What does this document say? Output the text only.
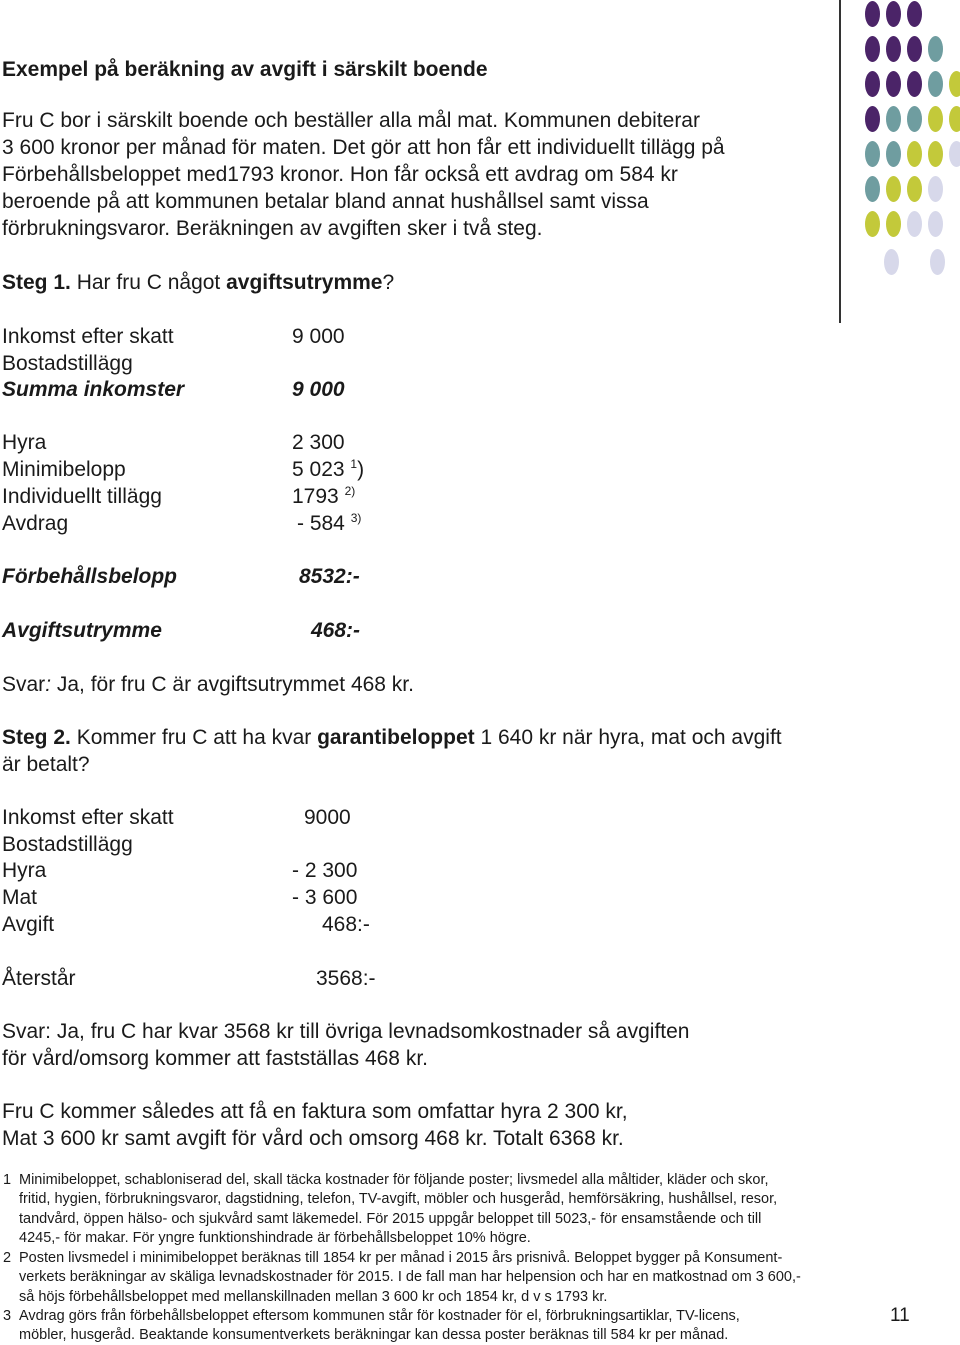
Exempel på beräkning av avgift i särskilt boende
Fru C bor i särskilt boende och beställer alla mål mat. Kommunen debiterar
3 600 kronor per månad för maten. Det gör att hon får ett individuellt tillägg på
Förbehållsbeloppet med1793 kronor. Hon får också ett avdrag om 584 kr
beroende på att kommunen betalar bland annat hushållsel samt vissa
förbrukningsvaror. Beräkningen av avgiften sker i två steg.
Steg 1. Har fru C något avgiftsutrymme?
Inkomst efter skatt	9 000
Bostadstillägg
Summa inkomster	9 000
Hyra	2 300
Minimibelopp	5 023 $^1$)
Individuellt tillägg	1793 $^{2)}$
Avdrag	- 584 $^{3)}$
Förbehållsbelopp	8532:-
Avgiftsutrymme	468:-
Svar: Ja, för fru C är avgiftsutrymmet 468 kr.
Steg 2. Kommer fru C att ha kvar garantibeloppet 1 640 kr när hyra, mat och avgift
är betalt?
Inkomst efter skatt	9000
Bostadstillägg
Hyra	- 2 300
Mat	- 3 600
Avgift	468:-
Återstår	3568:-
Svar: Ja, fru C har kvar 3568 kr till övriga levnadsomkostnader så avgiften
för vård/omsorg kommer att fastställas 468 kr.
Fru C kommer således att få en faktura som omfattar hyra 2 300 kr,
Mat 3 600 kr samt avgift för vård och omsorg 468 kr. Totalt 6368 kr.
1 Minimibeloppet, schabloniserad del, skall täcka kostnader för följande poster; livsmedel alla måltider, kläder och skor,
fritid, hygien, förbrukningsvaror, dagstidning, telefon, TV-avgift, möbler och husgeråd, hemförsäkring, hushållsel, resor,
tandvård, öppen hälso- och sjukvård samt läkemedel. För 2015 uppgår beloppet till 5023,- för ensamstående och till
4245,- för makar. För yngre funktionshindrade är förbehållsbeloppet 10% högre.
2 Posten livsmedel i minimibeloppet beräknas till 1854 kr per månad i 2015 års prisnivå. Beloppet bygger på Konsument-
verkets beräkningar av skäliga levnadskostnader för 2015. I de fall man har helpension och har en matkostnad om 3 600,-
så höjs förbehållsbeloppet med mellanskillnaden mellan 3 600 kr och 1854 kr, d v s 1793 kr.
3 Avdrag görs från förbehållsbeloppet eftersom kommunen står för kostnader för el, förbrukningsartiklar, TV-licens,
möbler, husgeråd. Beaktande konsumentverkets beräkningar kan dessa poster beräknas till 584 kr per månad.
11
